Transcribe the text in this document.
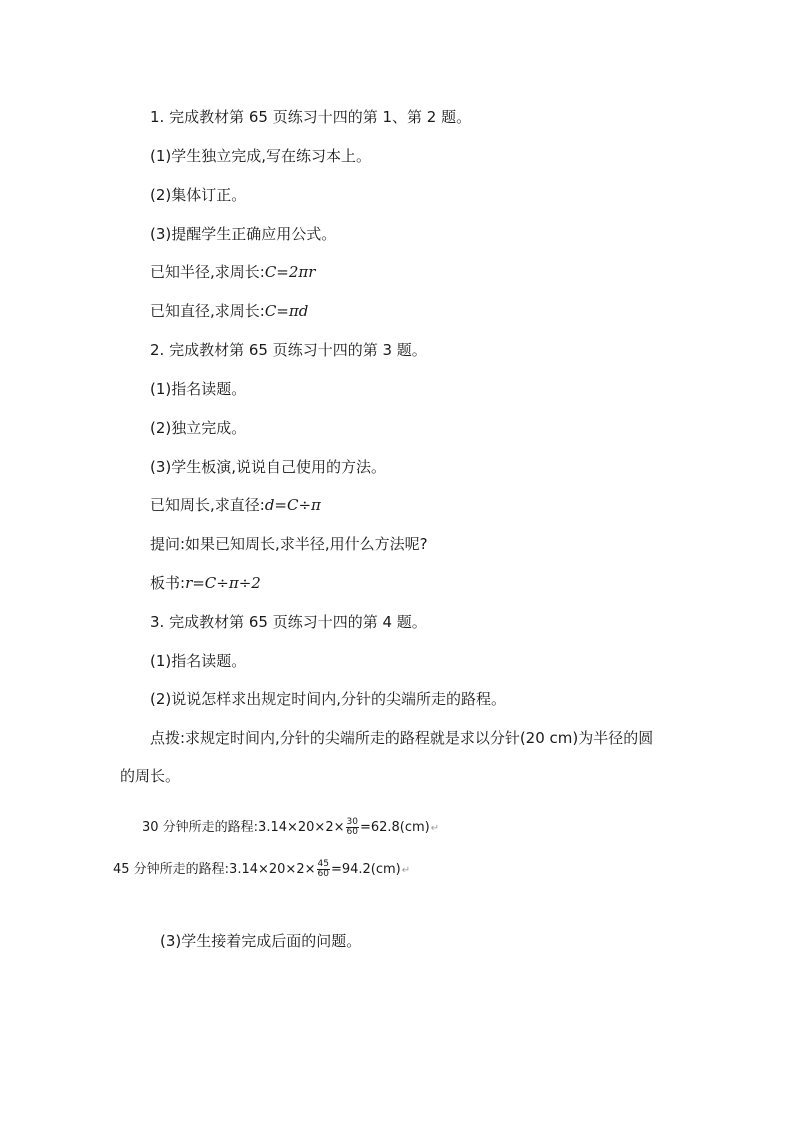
1. 完成教材第 65 页练习十四的第 1、第 2 题。
(1)学生独立完成,写在练习本上。
(2)集体订正。
(3)提醒学生正确应用公式。
已知半径,求周长:C=2πr
已知直径,求周长:C=πd
2. 完成教材第 65 页练习十四的第 3 题。
(1)指名读题。
(2)独立完成。
(3)学生板演,说说自己使用的方法。
已知周长,求直径:d=C÷π
提问:如果已知周长,求半径,用什么方法呢?
板书:r=C÷π÷2
3. 完成教材第 65 页练习十四的第 4 题。
(1)指名读题。
(2)说说怎样求出规定时间内,分针的尖端所走的路程。
点拨:求规定时间内,分针的尖端所走的路程就是求以分针(20 cm)为半径的圆
的周长。
30 分钟所走的路程:3.14×20×2× $\frac{30}{60}$ =62.8(cm)↵
45 分钟所走的路程:3.14×20×2× $\frac{45}{60}$ =94.2(cm)↵
(3)学生接着完成后面的问题。
